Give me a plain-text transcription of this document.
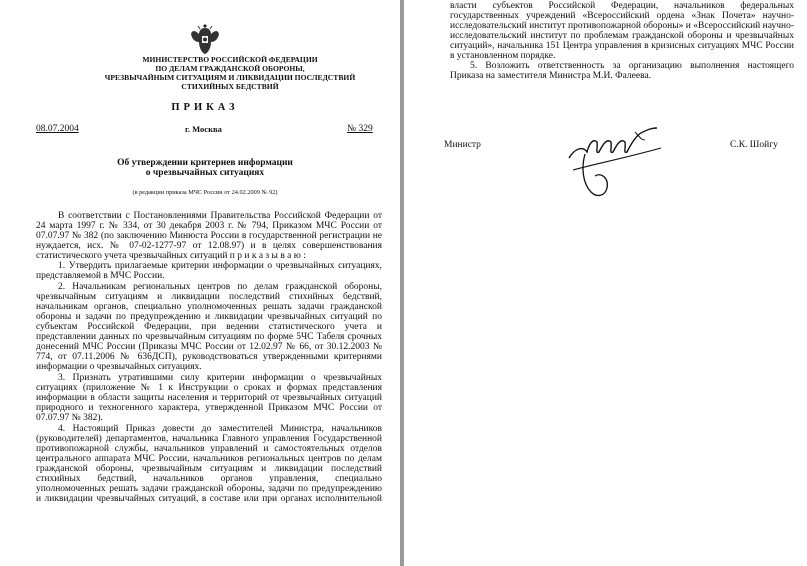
МИНИСТЕРСТВО РОССИЙСКОЙ ФЕДЕРАЦИИ
ПО ДЕЛАМ ГРАЖДАНСКОЙ ОБОРОНЫ,
ЧРЕЗВЫЧАЙНЫМ СИТУАЦИЯМ И ЛИКВИДАЦИИ ПОСЛЕДСТВИЙ
СТИХИЙНЫХ БЕДСТВИЙ
ПРИКАЗ
08.07.2004	г. Москва	№ 329
Об утверждении критериев информации
о чрезвычайных ситуациях
(в редакции приказа МЧС России от 24.02.2009 № 92)
В соответствии с Постановлениями Правительства Российской Федерации от
24 марта 1997 г. № 334, от 30 декабря 2003 г. № 794, Приказом МЧС России от
07.07.97 № 382 (по заключению Минюста России в государственной регистрации не
нуждается, исх. № 07-02-1277-97 от 12.08.97) и в целях совершенствования
статистического учета чрезвычайных ситуаций п р и к а з ы в а ю :
1. Утвердить прилагаемые критерии информации о чрезвычайных ситуациях,
представляемой в МЧС России.
2. Начальникам региональных центров по делам гражданской обороны,
чрезвычайным ситуациям и ликвидации последствий стихийных бедствий,
начальникам органов, специально уполномоченных решать задачи гражданской
обороны и задачи по предупреждению и ликвидации чрезвычайных ситуаций по
субъектам Российской Федерации, при ведении статистического учета и
представлении данных по чрезвычайным ситуациям по форме 5ЧС Табеля срочных
донесений МЧС России (Приказы МЧС России от 12.02.97 № 66, от 30.12.2003 №
774, от 07.11.2006 № 636ДСП), руководствоваться утвержденными критериями
информации о чрезвычайных ситуациях.
3. Признать утратившими силу критерии информации о чрезвычайных
ситуациях (приложение № 1 к Инструкции о сроках и формах представления
информации в области защиты населения и территорий от чрезвычайных ситуаций
природного и техногенного характера, утвержденной Приказом МЧС России от
07.07.97 № 382).
4. Настоящий Приказ довести до заместителей Министра, начальников
(руководителей) департаментов, начальника Главного управления Государственной
противопожарной службы, начальников управлений и самостоятельных отделов
центрального аппарата МЧС России, начальников региональных центров по делам
гражданской обороны, чрезвычайным ситуациям и ликвидации последствий
стихийных бедствий, начальников органов управления, специально
уполномоченных решать задачи гражданской обороны, задачи по предупреждению
и ликвидации чрезвычайных ситуаций, в составе или при органах исполнительной
власти субъектов Российской Федерации, начальников федеральных
государственных учреждений «Всероссийский ордена «Знак Почета» научно-
исследовательский институт противопожарной обороны» и «Всероссийский научно-
исследовательский институт по проблемам гражданской обороны и чрезвычайных
ситуаций», начальника 151 Центра управления в кризисных ситуациях МЧС России
в установленном порядке.
5. Возложить ответственность за организацию выполнения настоящего
Приказа на заместителя Министра М.И. Фалеева.
Министр	С.К. Шойгу
